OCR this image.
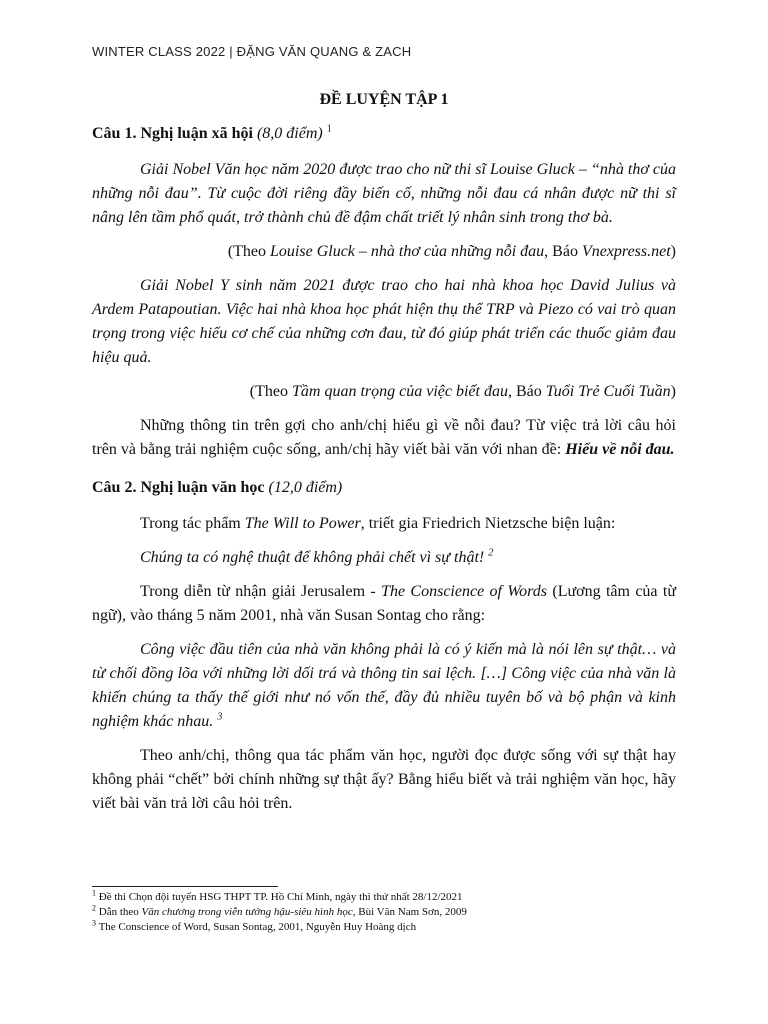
WINTER CLASS 2022 | ĐẶNG VĂN QUANG & ZACH
ĐỀ LUYỆN TẬP 1
Câu 1. Nghị luận xã hội (8,0 điểm) $^1$

Giải Nobel Văn học năm 2020 được trao cho nữ thi sĩ Louise Gluck – “nhà thơ của những nỗi đau”. Từ cuộc đời riêng đầy biến cố, những nỗi đau cá nhân được nữ thi sĩ nâng lên tầm phổ quát, trở thành chủ đề đậm chất triết lý nhân sinh trong thơ bà.

(Theo Louise Gluck – nhà thơ của những nỗi đau, Báo Vnexpress.net)

Giải Nobel Y sinh năm 2021 được trao cho hai nhà khoa học David Julius và Ardem Patapoutian. Việc hai nhà khoa học phát hiện thụ thể TRP và Piezo có vai trò quan trọng trong việc hiểu cơ chế của những cơn đau, từ đó giúp phát triển các thuốc giảm đau hiệu quả.

(Theo Tầm quan trọng của việc biết đau, Báo Tuổi Trẻ Cuối Tuần)

Những thông tin trên gợi cho anh/chị hiểu gì về nỗi đau? Từ việc trả lời câu hỏi trên và bằng trải nghiệm cuộc sống, anh/chị hãy viết bài văn với nhan đề: Hiểu về nỗi đau.

Câu 2. Nghị luận văn học (12,0 điểm)

Trong tác phẩm The Will to Power, triết gia Friedrich Nietzsche biện luận:

Chúng ta có nghệ thuật để không phải chết vì sự thật! $^2$

Trong diễn từ nhận giải Jerusalem - The Conscience of Words (Lương tâm của từ ngữ), vào tháng 5 năm 2001, nhà văn Susan Sontag cho rằng:

Công việc đầu tiên của nhà văn không phải là có ý kiến mà là nói lên sự thật… và từ chối đồng lõa với những lời dối trá và thông tin sai lệch. […] Công việc của nhà văn là khiến chúng ta thấy thế giới như nó vốn thế, đầy đủ nhiều tuyên bố và bộ phận và kinh nghiệm khác nhau. $^3$

Theo anh/chị, thông qua tác phẩm văn học, người đọc được sống với sự thật hay không phải “chết” bởi chính những sự thật ấy? Bằng hiểu biết và trải nghiệm văn học, hãy viết bài văn trả lời câu hỏi trên.

$^1$ Đề thi Chọn đội tuyển HSG THPT TP. Hồ Chí Minh, ngày thi thứ nhất 28/12/2021
$^2$ Dẫn theo Văn chương trong viễn tưởng hậu-siêu hình học, Bùi Văn Nam Sơn, 2009
$^3$ The Conscience of Word, Susan Sontag, 2001, Nguyễn Huy Hoàng dịch
